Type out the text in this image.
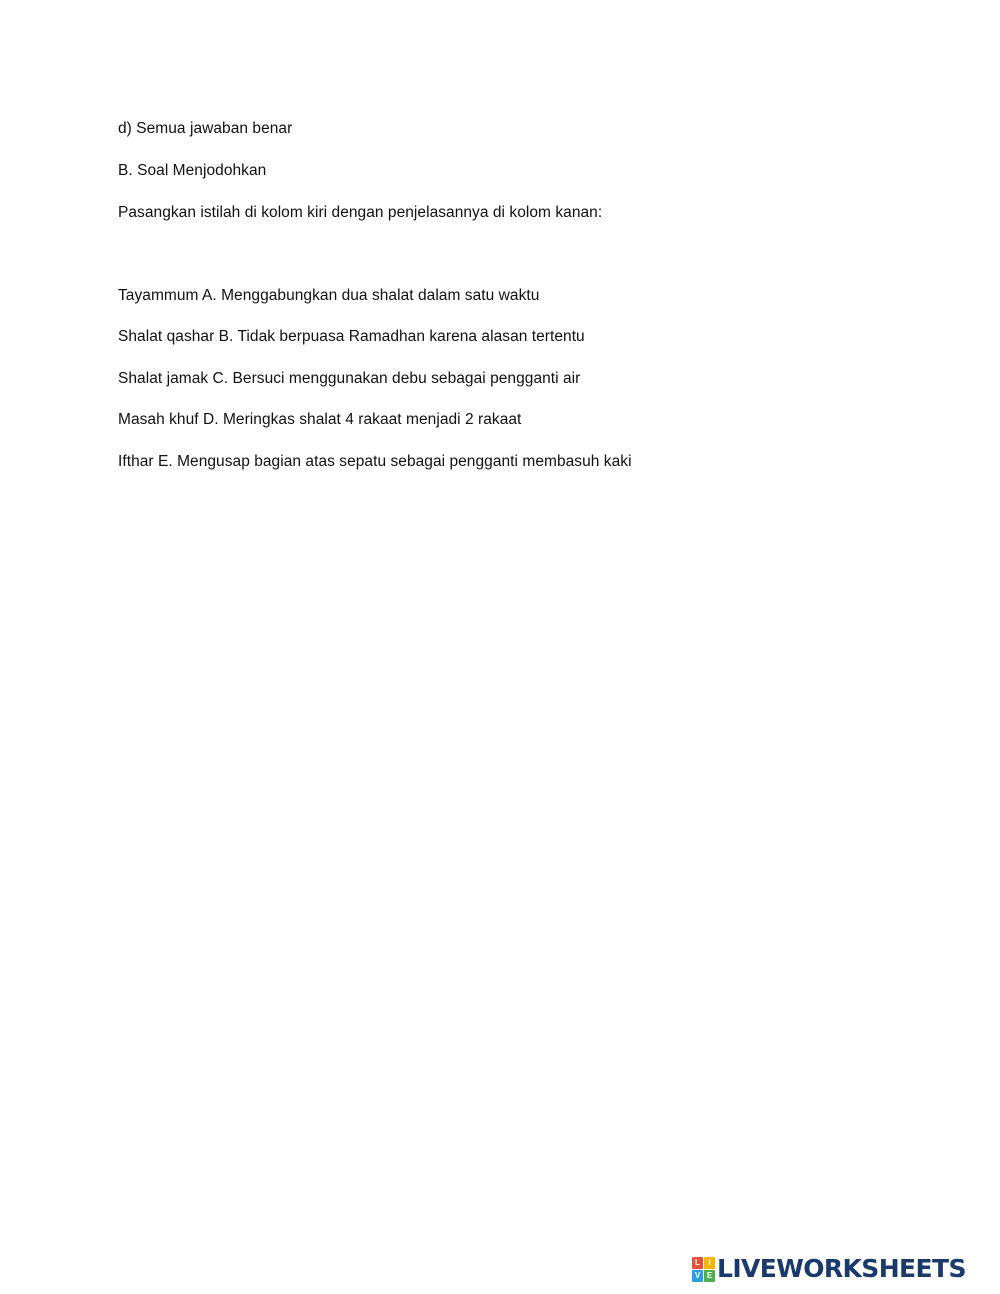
d) Semua jawaban benar
B. Soal Menjodohkan
Pasangkan istilah di kolom kiri dengan penjelasannya di kolom kanan:
Tayammum A. Menggabungkan dua shalat dalam satu waktu
Shalat qashar B. Tidak berpuasa Ramadhan karena alasan tertentu
Shalat jamak C. Bersuci menggunakan debu sebagai pengganti air
Masah khuf D. Meringkas shalat 4 rakaat menjadi 2 rakaat
Ifthar E. Mengusap bagian atas sepatu sebagai pengganti membasuh kaki
L	I
V E LIVEWORKSHEETS
